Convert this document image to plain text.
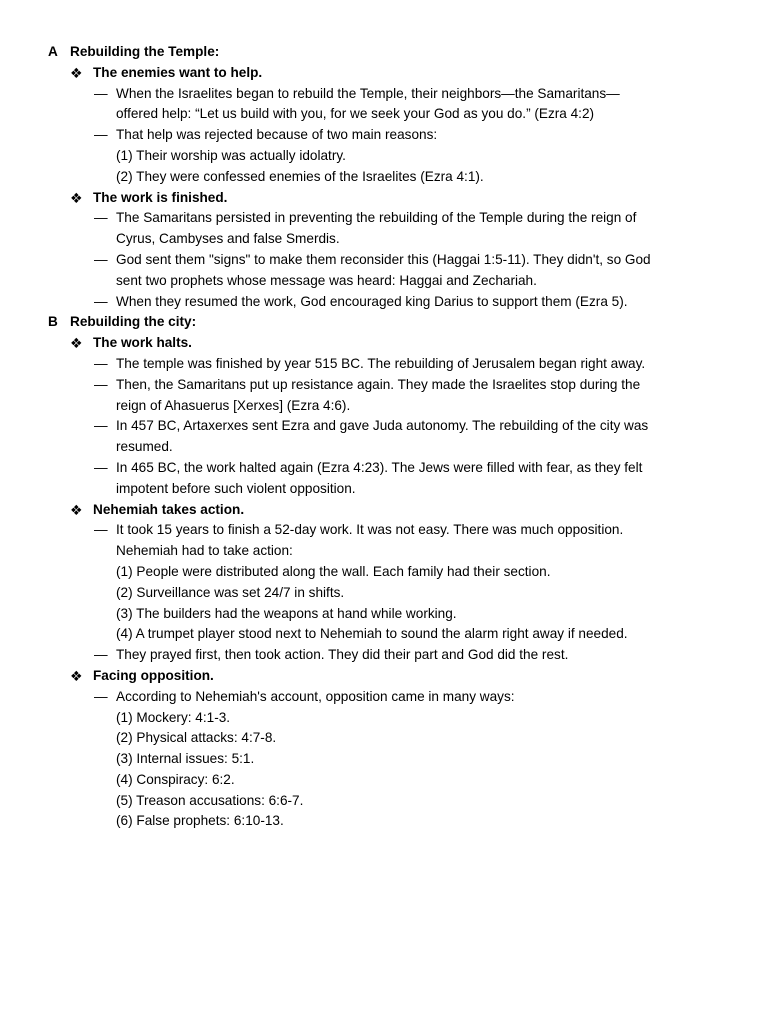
A Rebuilding the Temple:
❖ The enemies want to help.
— When the Israelites began to rebuild the Temple, their neighbors—the Samaritans—
offered help: “Let us build with you, for we seek your God as you do.” (Ezra 4:2)
— That help was rejected because of two main reasons:
(1) Their worship was actually idolatry.
(2) They were confessed enemies of the Israelites (Ezra 4:1).
❖ The work is finished.
— The Samaritans persisted in preventing the rebuilding of the Temple during the reign of
Cyrus, Cambyses and false Smerdis.
— God sent them "signs" to make them reconsider this (Haggai 1:5-11). They didn't, so God
sent two prophets whose message was heard: Haggai and Zechariah.
— When they resumed the work, God encouraged king Darius to support them (Ezra 5).
B Rebuilding the city:
❖ The work halts.
— The temple was finished by year 515 BC. The rebuilding of Jerusalem began right away.
— Then, the Samaritans put up resistance again. They made the Israelites stop during the
reign of Ahasuerus [Xerxes] (Ezra 4:6).
— In 457 BC, Artaxerxes sent Ezra and gave Juda autonomy. The rebuilding of the city was
resumed.
— In 465 BC, the work halted again (Ezra 4:23). The Jews were filled with fear, as they felt
impotent before such violent opposition.
❖ Nehemiah takes action.
— It took 15 years to finish a 52-day work. It was not easy. There was much opposition.
Nehemiah had to take action:
(1) People were distributed along the wall. Each family had their section.
(2) Surveillance was set 24/7 in shifts.
(3) The builders had the weapons at hand while working.
(4) A trumpet player stood next to Nehemiah to sound the alarm right away if needed.
— They prayed first, then took action. They did their part and God did the rest.
❖ Facing opposition.
— According to Nehemiah's account, opposition came in many ways:
(1) Mockery: 4:1-3.
(2) Physical attacks: 4:7-8.
(3) Internal issues: 5:1.
(4) Conspiracy: 6:2.
(5) Treason accusations: 6:6-7.
(6) False prophets: 6:10-13.
